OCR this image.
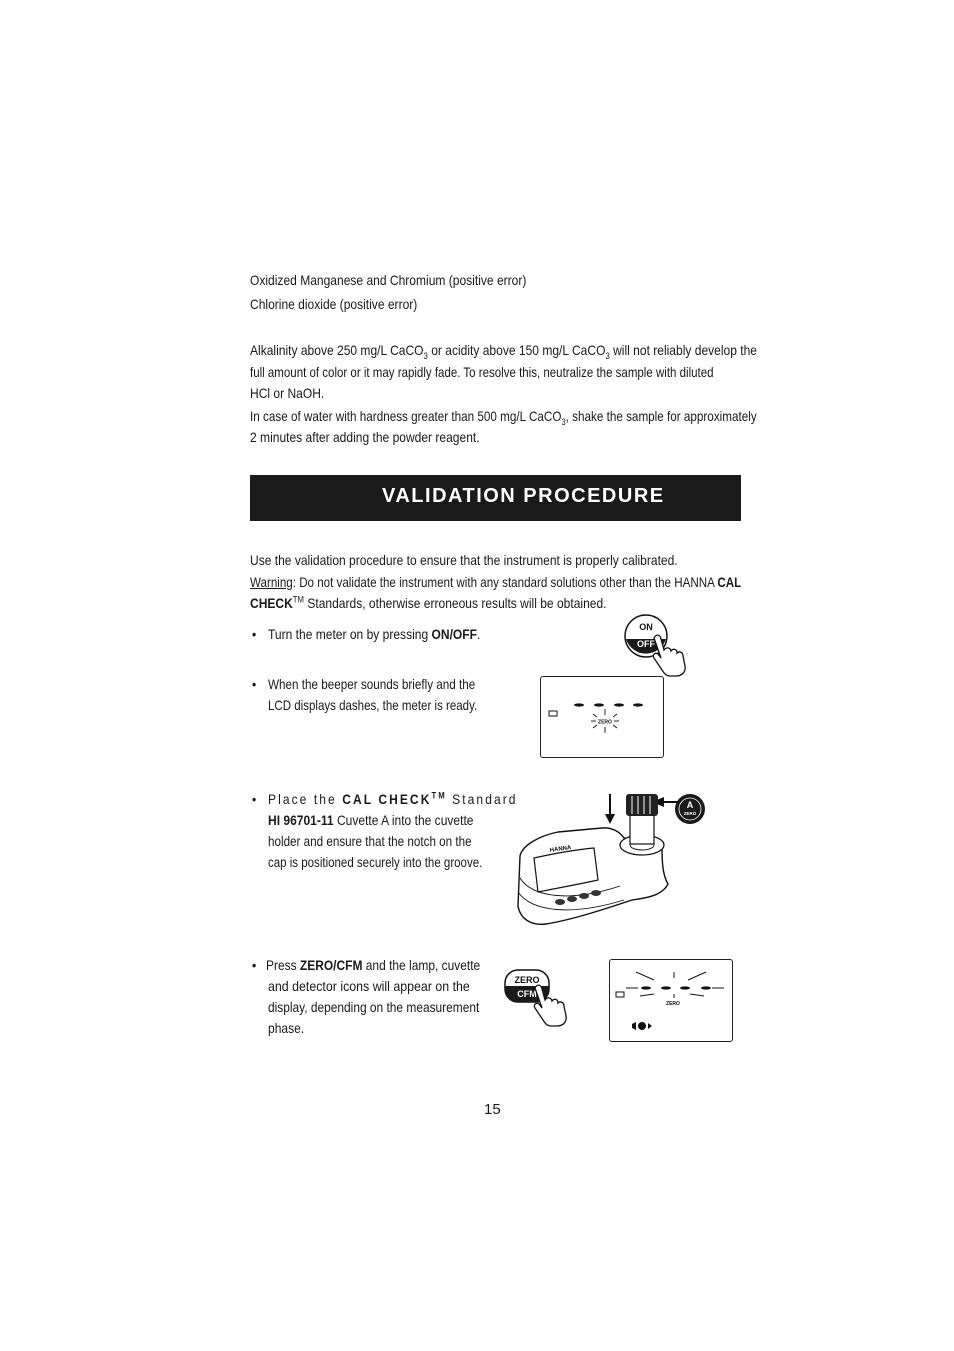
Oxidized Manganese and Chromium (positive error)
Chlorine dioxide (positive error)
Alkalinity above 250 mg/L CaCO$_3$ or acidity above 150 mg/L CaCO$_3$ will not reliably develop the
full amount of color or it may rapidly fade. To resolve this, neutralize the sample with diluted
HCl or NaOH.
In case of water with hardness greater than 500 mg/L CaCO$_3$, shake the sample for approximately
2 minutes after adding the powder reagent.
VALIDATION PROCEDURE
Use the validation procedure to ensure that the instrument is properly calibrated.
Warning: Do not validate the instrument with any standard solutions other than the HANNA CAL
CHECK™ Standards, otherwise erroneous results will be obtained.
• Turn the meter on by pressing ON/OFF.
• When the beeper sounds briefly and the
LCD displays dashes, the meter is ready.
• Place the CAL CHECK™ Standard
HI 96701-11 Cuvette A into the cuvette
holder and ensure that the notch on the
cap is positioned securely into the groove.
• Press ZERO/CFM and the lamp, cuvette
and detector icons will appear on the
display, depending on the measurement
phase.
ON
OFF
ZERO
A
ZERO
HANNA
ZERO
CFM
ZERO
15
